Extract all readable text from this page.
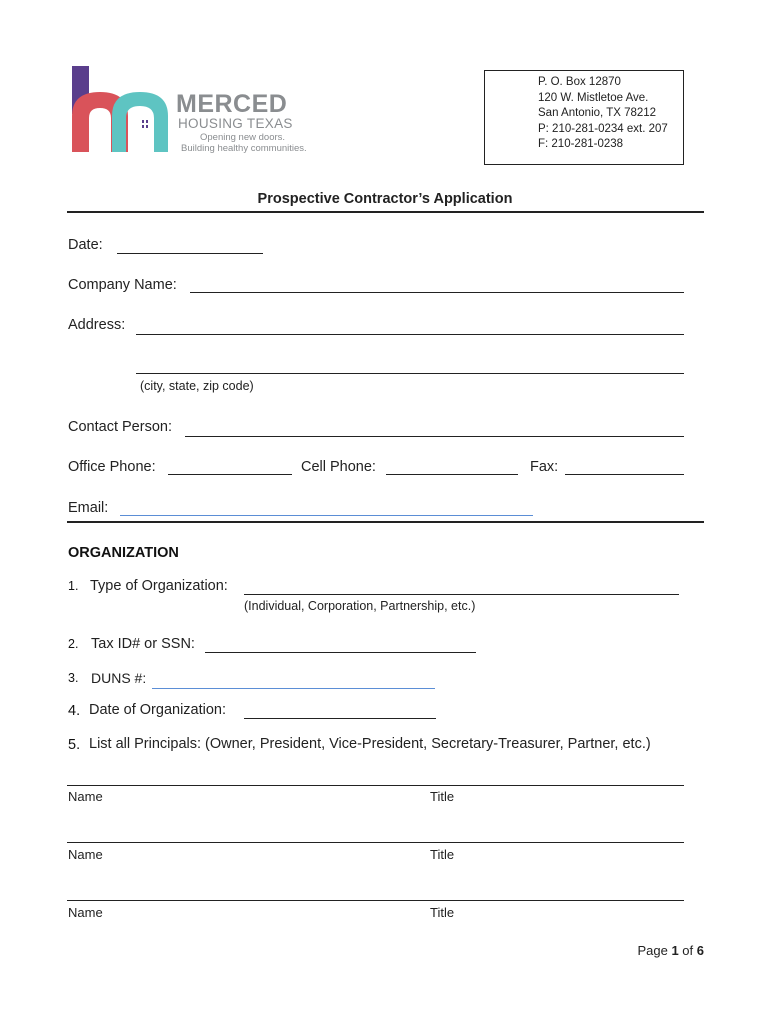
MERCED
HOUSING TEXAS
Opening new doors.
Building healthy communities.
P. O. Box 12870
120 W. Mistletoe Ave.
San Antonio, TX 78212
P: 210-281-0234 ext. 207
F: 210-281-0238
Prospective Contractor’s Application
Date:
Company Name:
Address:
(city, state, zip code)
Contact Person:
Office Phone:	Cell Phone:	Fax:
Email:
ORGANIZATION
1. Type of Organization:
(Individual, Corporation, Partnership, etc.)
2. Tax ID# or SSN:
3. DUNS #:
4. Date of Organization:
5. List all Principals: (Owner, President, Vice-President, Secretary-Treasurer, Partner, etc.)
Name	Title
Name	Title
Name	Title
Page 1 of 6
